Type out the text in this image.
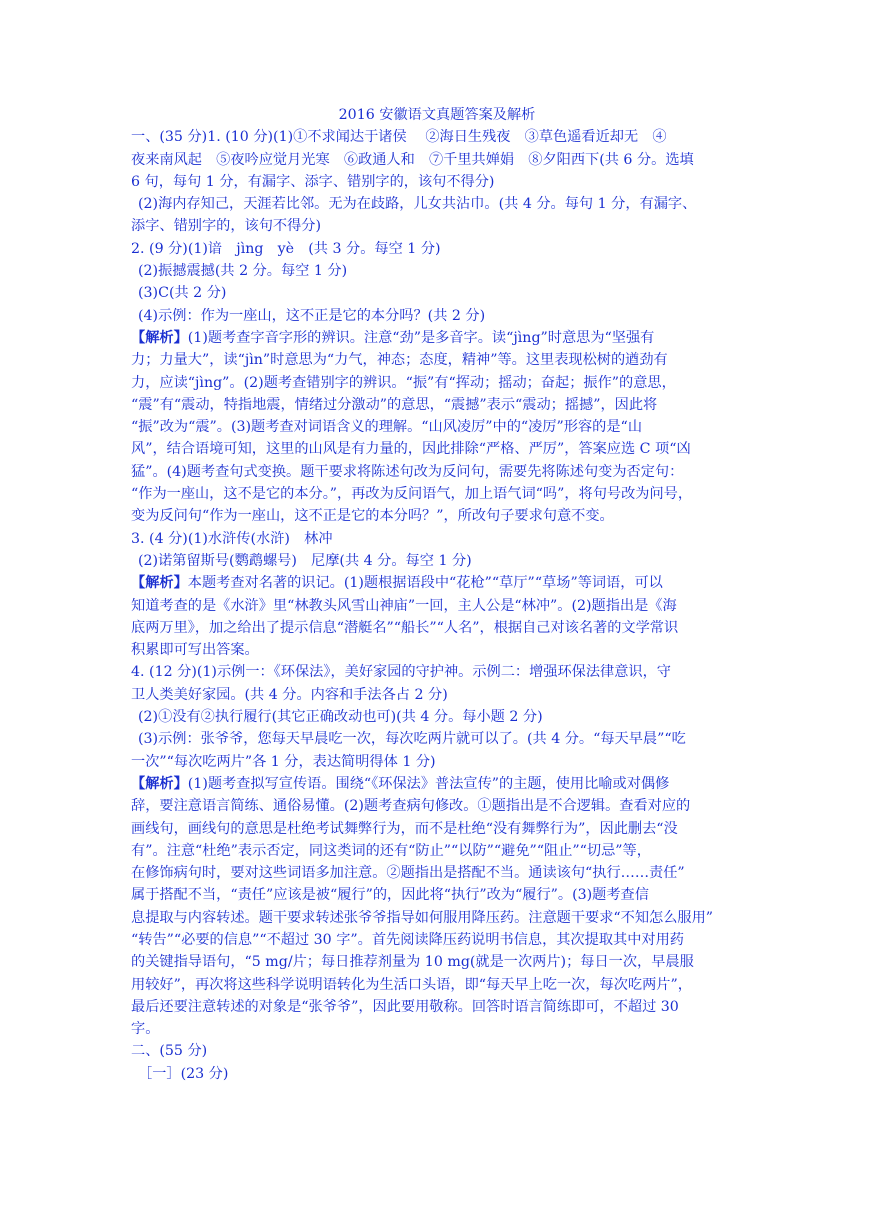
2016 安徽语文真题答案及解析
一、(35 分)1. (10 分)(1)①不求闻达于诸侯　 ②海日生残夜　③草色遥看近却无　④
夜来南风起　⑤夜吟应觉月光寒　⑥政通人和　⑦千里共婵娟　⑧夕阳西下(共 6 分。选填
6 句，每句 1 分，有漏字、添字、错别字的，该句不得分)
(2)海内存知己，天涯若比邻。无为在歧路，儿女共沾巾。(共 4 分。每句 1 分，有漏字、
添字、错别字的，该句不得分)
2. (9 分)(1)谙　jìng　yè　(共 3 分。每空 1 分)
(2)振撼震撼(共 2 分。每空 1 分)
(3)C(共 2 分)
(4)示例：作为一座山，这不正是它的本分吗？(共 2 分)
【解析】(1)题考查字音字形的辨识。注意“劲”是多音字。读“jìng”时意思为“坚强有
力；力量大”，读“jìn”时意思为“力气，神态；态度，精神”等。这里表现松树的遒劲有
力，应读“jìng”。(2)题考查错别字的辨识。“振”有“挥动；摇动；奋起；振作”的意思，
“震”有“震动，特指地震，情绪过分激动”的意思，“震撼”表示“震动；摇撼”，因此将
“振”改为“震”。(3)题考查对词语含义的理解。“山风凌厉”中的“凌厉”形容的是“山
风”，结合语境可知，这里的山风是有力量的，因此排除“严格、严厉”，答案应选 C 项“凶
猛”。(4)题考查句式变换。题干要求将陈述句改为反问句，需要先将陈述句变为否定句：
“作为一座山，这不是它的本分。”，再改为反问语气，加上语气词“吗”，将句号改为问号，
变为反问句“作为一座山，这不正是它的本分吗？”，所改句子要求句意不变。
3. (4 分)(1)水浒传(水浒)　林冲
(2)诺第留斯号(鹦鹉螺号)　尼摩(共 4 分。每空 1 分)
【解析】本题考查对名著的识记。(1)题根据语段中“花枪”“草厅”“草场”等词语，可以
知道考查的是《水浒》里“林教头风雪山神庙”一回，主人公是“林冲”。(2)题指出是《海
底两万里》，加之给出了提示信息“潜艇名”“船长”“人名”，根据自己对该名著的文学常识
积累即可写出答案。
4. (12 分)(1)示例一：《环保法》，美好家园的守护神。示例二：增强环保法律意识，守
卫人类美好家园。(共 4 分。内容和手法各占 2 分)
(2)①没有②执行履行(其它正确改动也可)(共 4 分。每小题 2 分)
(3)示例：张爷爷，您每天早晨吃一次，每次吃两片就可以了。(共 4 分。“每天早晨”“吃
一次”“每次吃两片”各 1 分，表达简明得体 1 分)
【解析】(1)题考查拟写宣传语。围绕“《环保法》普法宣传”的主题，使用比喻或对偶修
辞，要注意语言简练、通俗易懂。(2)题考查病句修改。①题指出是不合逻辑。查看对应的
画线句，画线句的意思是杜绝考试舞弊行为，而不是杜绝“没有舞弊行为”，因此删去“没
有”。注意“杜绝”表示否定，同这类词的还有“防止”“以防”“避免”“阻止”“切忌”等，
在修饰病句时，要对这些词语多加注意。②题指出是搭配不当。通读该句“执行……责任”
属于搭配不当，“责任”应该是被“履行”的，因此将“执行”改为“履行”。(3)题考查信
息提取与内容转述。题干要求转述张爷爷指导如何服用降压药。注意题干要求“不知怎么服用”
“转告”“必要的信息”“不超过 30 字”。首先阅读降压药说明书信息，其次提取其中对用药
的关键指导语句，“5 mg/片；每日推荐剂量为 10 mg(就是一次两片)；每日一次，早晨服
用较好”，再次将这些科学说明语转化为生活口头语，即“每天早上吃一次，每次吃两片”，
最后还要注意转述的对象是“张爷爷”，因此要用敬称。回答时语言简练即可，不超过 30
字。
二、(55 分)
［一］(23 分)
